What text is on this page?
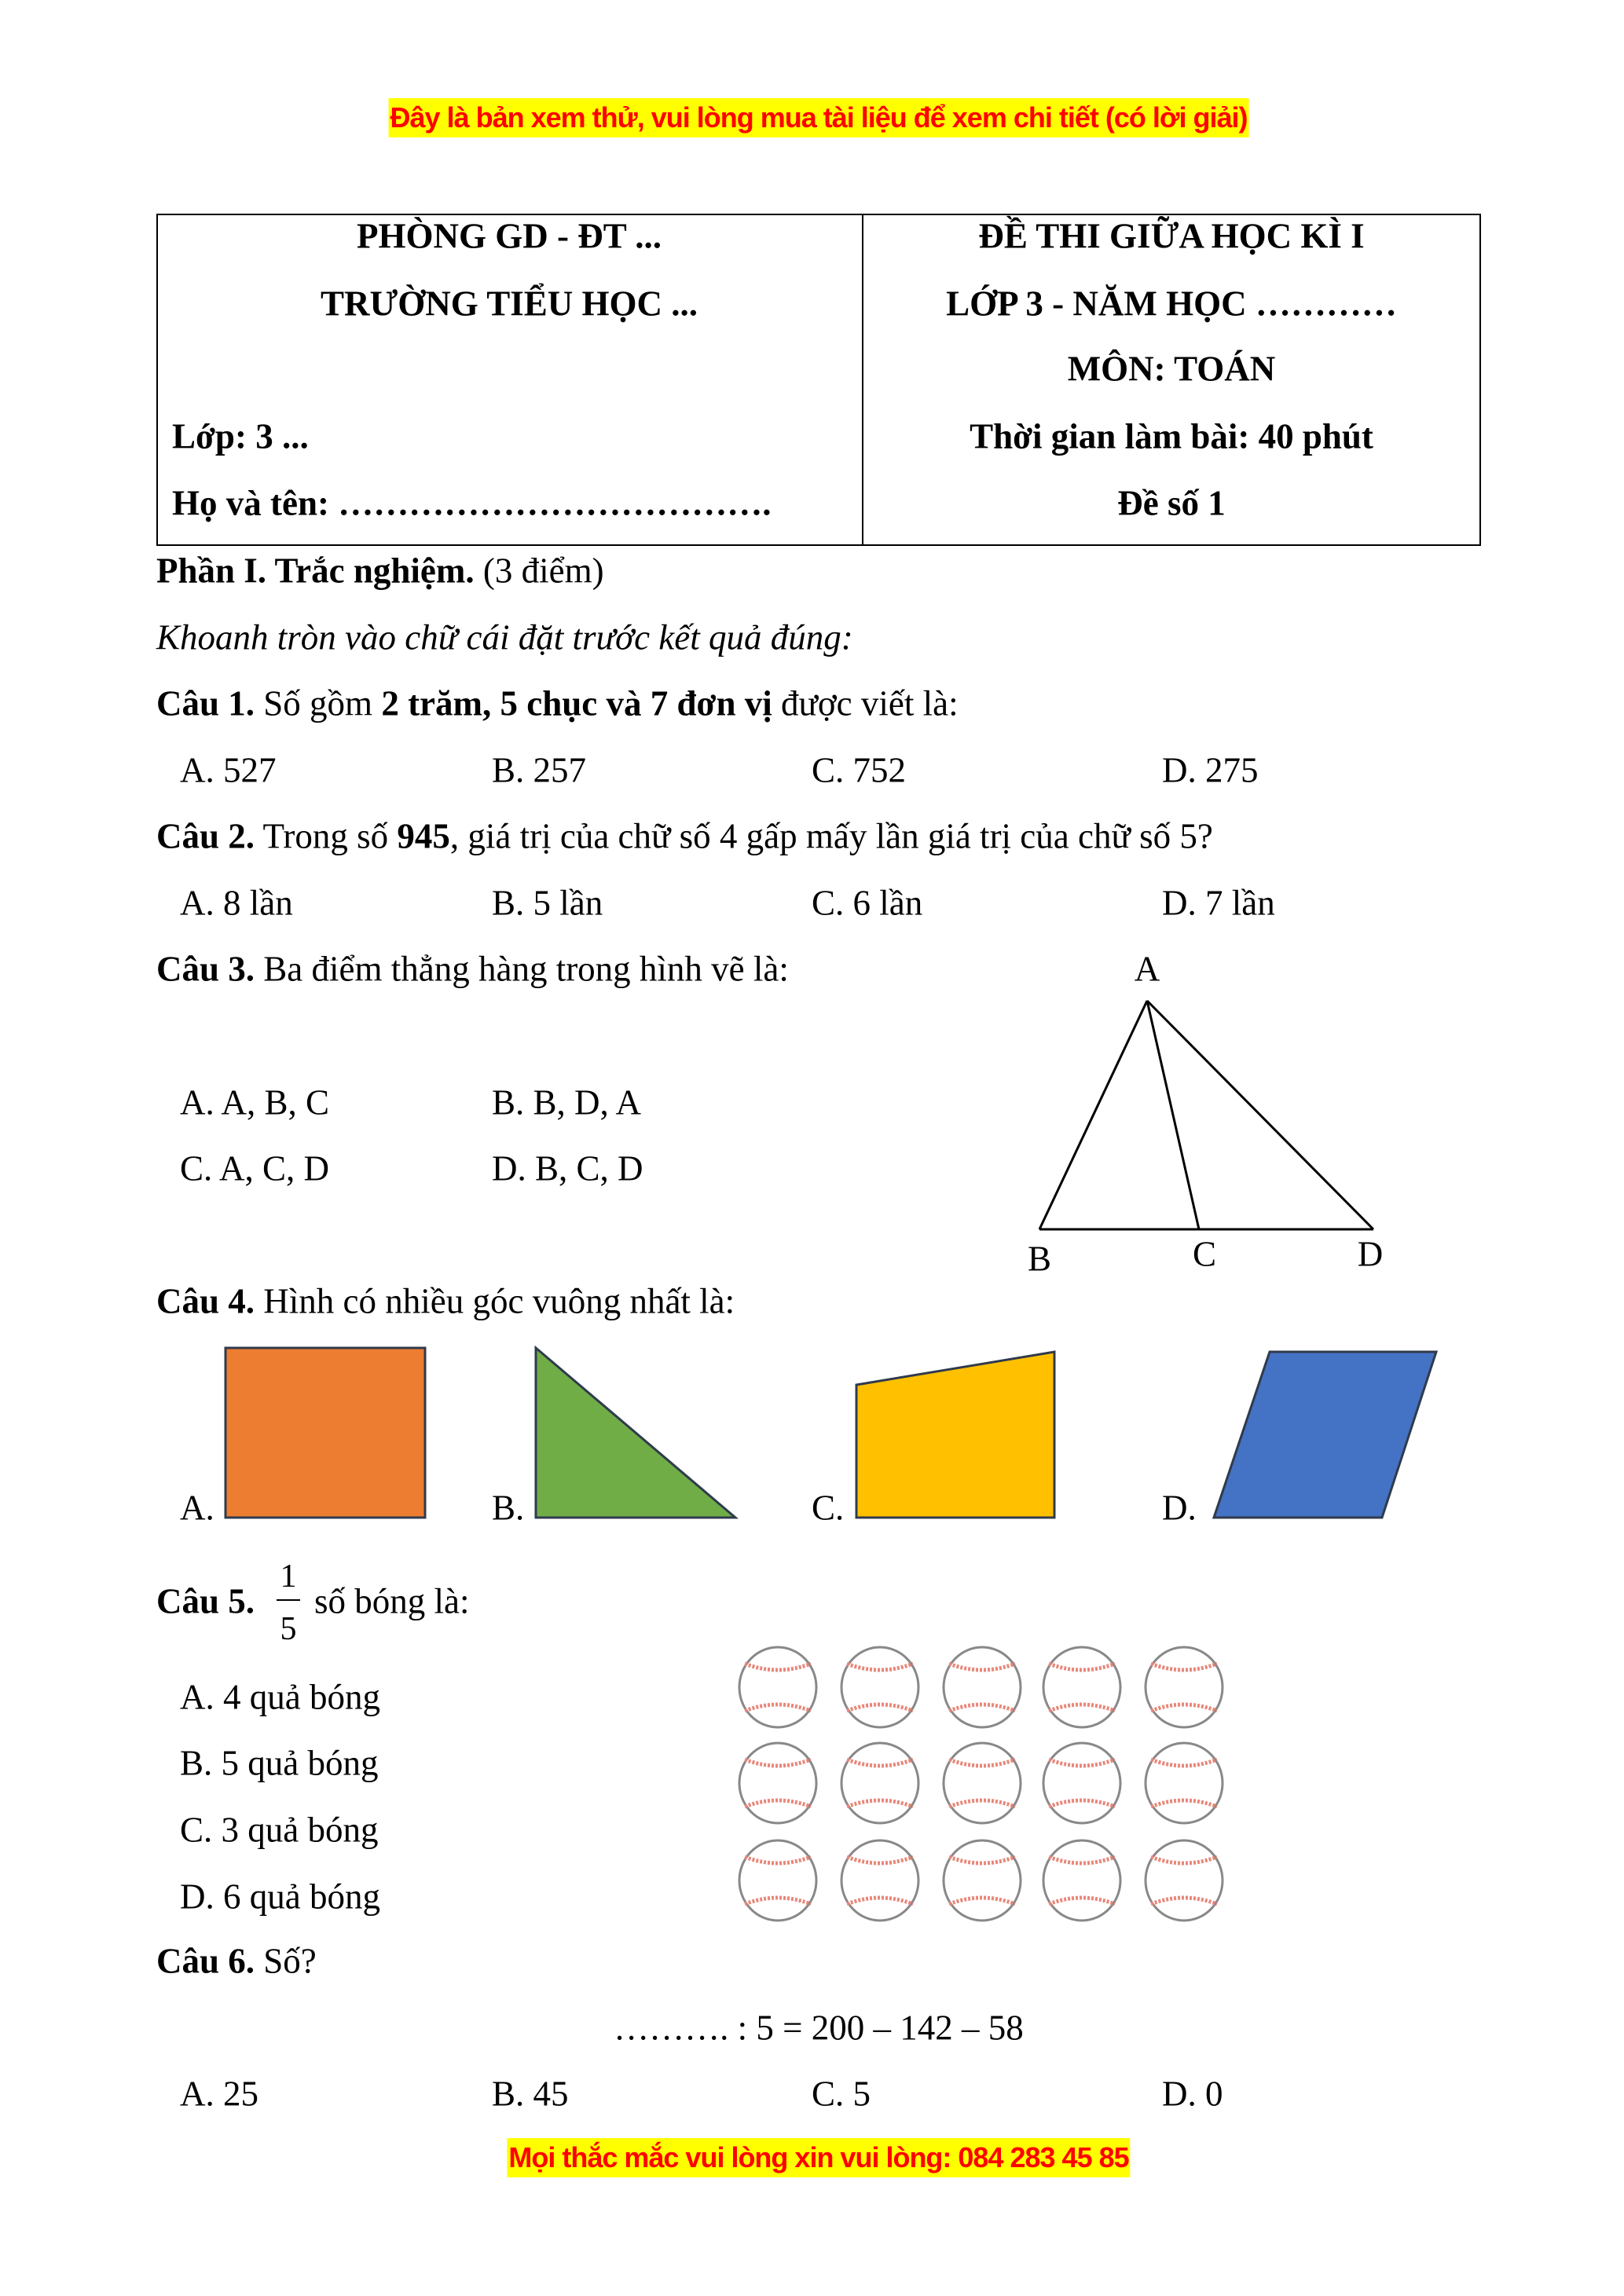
Đây là bản xem thử, vui lòng mua tài liệu để xem chi tiết (có lời giải)
PHÒNG GD - ĐT ...
TRƯỜNG TIỂU HỌC ...
Lớp: 3 ...
Họ và tên: ……………………………….
ĐỀ THI GIỮA HỌC KÌ I
LỚP 3 - NĂM HỌC …………
MÔN: TOÁN
Thời gian làm bài: 40 phút
Đề số 1
Phần I. Trắc nghiệm. (3 điểm)
Khoanh tròn vào chữ cái đặt trước kết quả đúng:
Câu 1. Số gồm 2 trăm, 5 chục và 7 đơn vị được viết là:
A. 527	B. 257	C. 752	D. 275
Câu 2. Trong số 945, giá trị của chữ số 4 gấp mấy lần giá trị của chữ số 5?
A. 8 lần	B. 5 lần	C. 6 lần	D. 7 lần
Câu 3. Ba điểm thẳng hàng trong hình vẽ là:
A. A, B, C	B. B, D, A
C. A, C, D	D. B, C, D
A
B	C	D
Câu 4. Hình có nhiều góc vuông nhất là:
A.	B.	C.	D.
Câu 5.
1
5
số bóng là:
A. 4 quả bóng
B. 5 quả bóng
C. 3 quả bóng
D. 6 quả bóng
Câu 6. Số?
………. : 5 = 200 – 142 – 58
A. 25	B. 45	C. 5	D. 0
Mọi thắc mắc vui lòng xin vui lòng: 084 283 45 85
